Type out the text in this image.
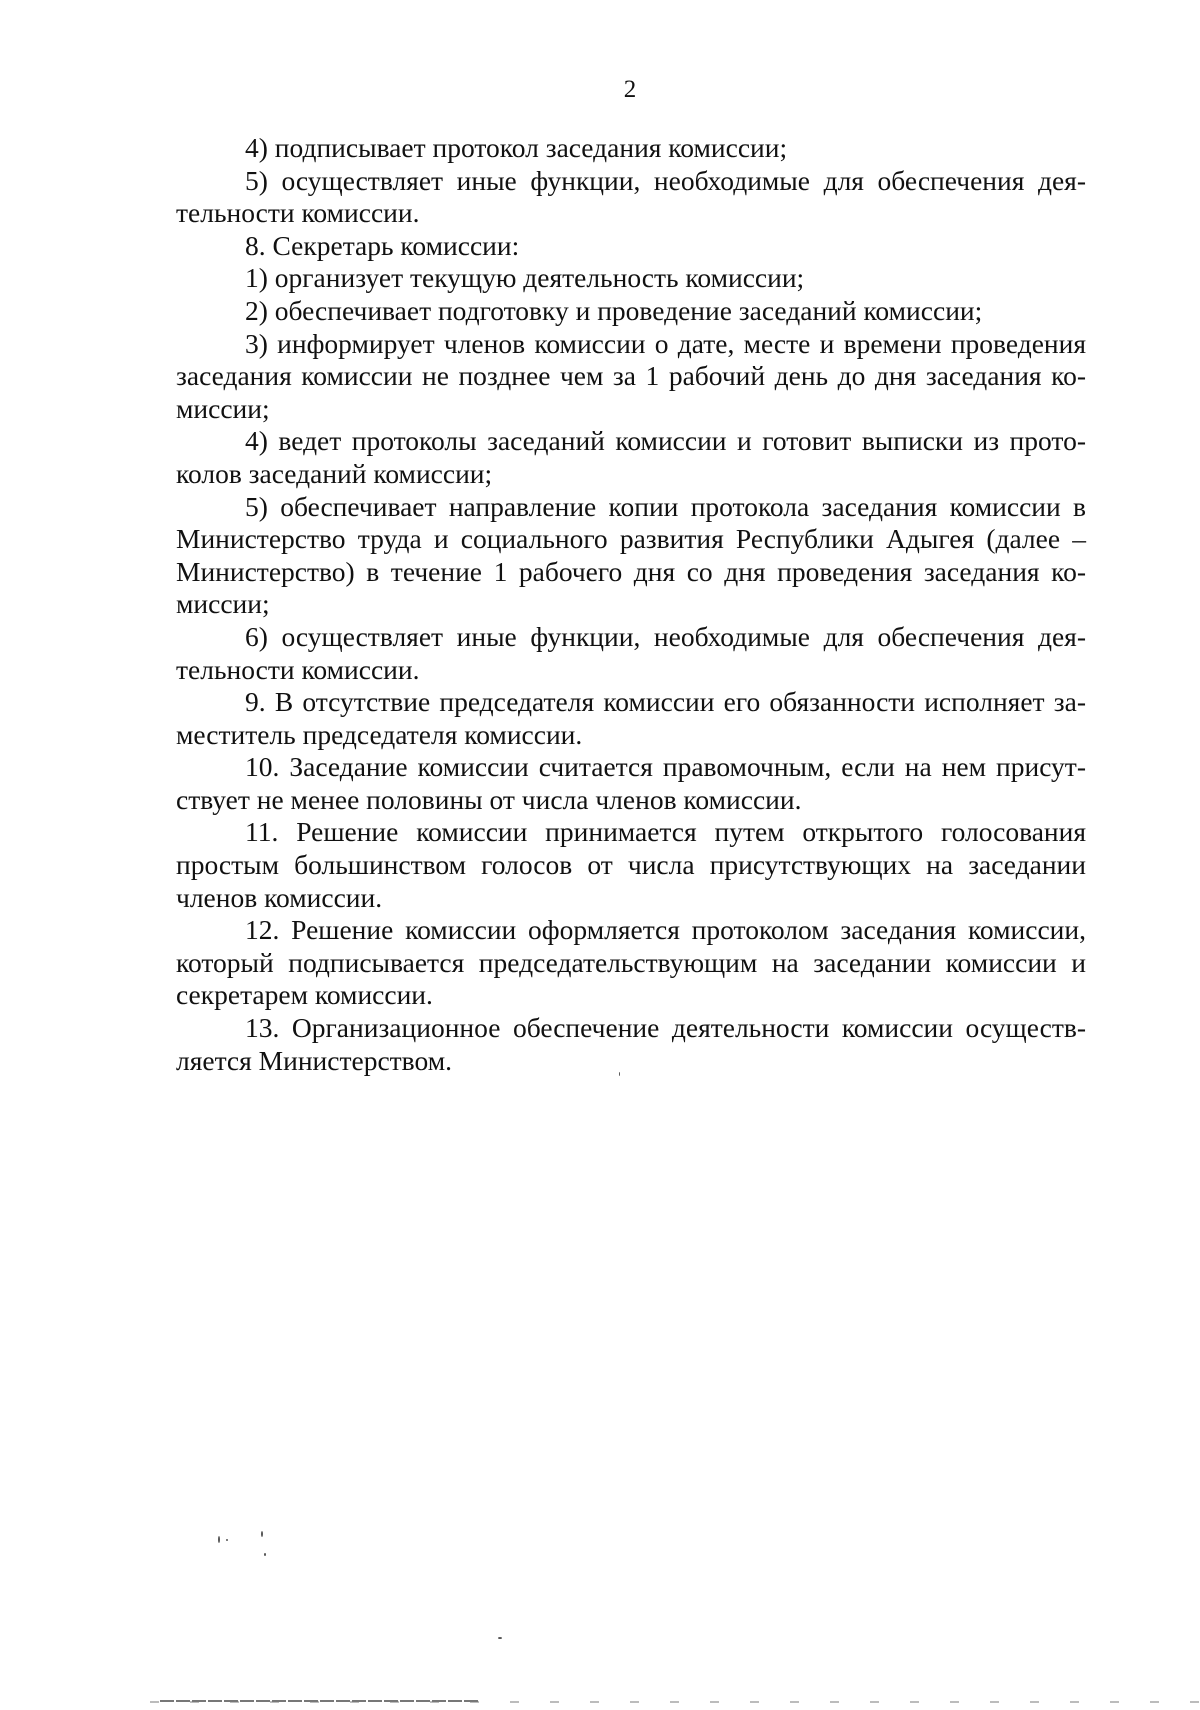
2

4) подписывает протокол заседания комиссии;

5) осуществляет иные функции, необходимые для обеспечения деятельности комиссии.

8. Секретарь комиссии:

1) организует текущую деятельность комиссии;

2) обеспечивает подготовку и проведение заседаний комиссии;

3) информирует членов комиссии о дате, месте и времени проведения заседания комиссии не позднее чем за 1 рабочий день до дня заседания комиссии;

4) ведет протоколы заседаний комиссии и готовит выписки из протоколов заседаний комиссии;

5) обеспечивает направление копии протокола заседания комиссии в Министерство труда и социального развития Республики Адыгея (далее – Министерство) в течение 1 рабочего дня со дня проведения заседания комиссии;

6) осуществляет иные функции, необходимые для обеспечения деятельности комиссии.

9. В отсутствие председателя комиссии его обязанности исполняет заместитель председателя комиссии.

10. Заседание комиссии считается правомочным, если на нем присутствует не менее половины от числа членов комиссии.

11. Решение комиссии принимается путем открытого голосования простым большинством голосов от числа присутствующих на заседании членов комиссии.

12. Решение комиссии оформляется протоколом заседания комиссии, который подписывается председательствующим на заседании комиссии и секретарем комиссии.

13. Организационное обеспечение деятельности комиссии осуществляется Министерством.
